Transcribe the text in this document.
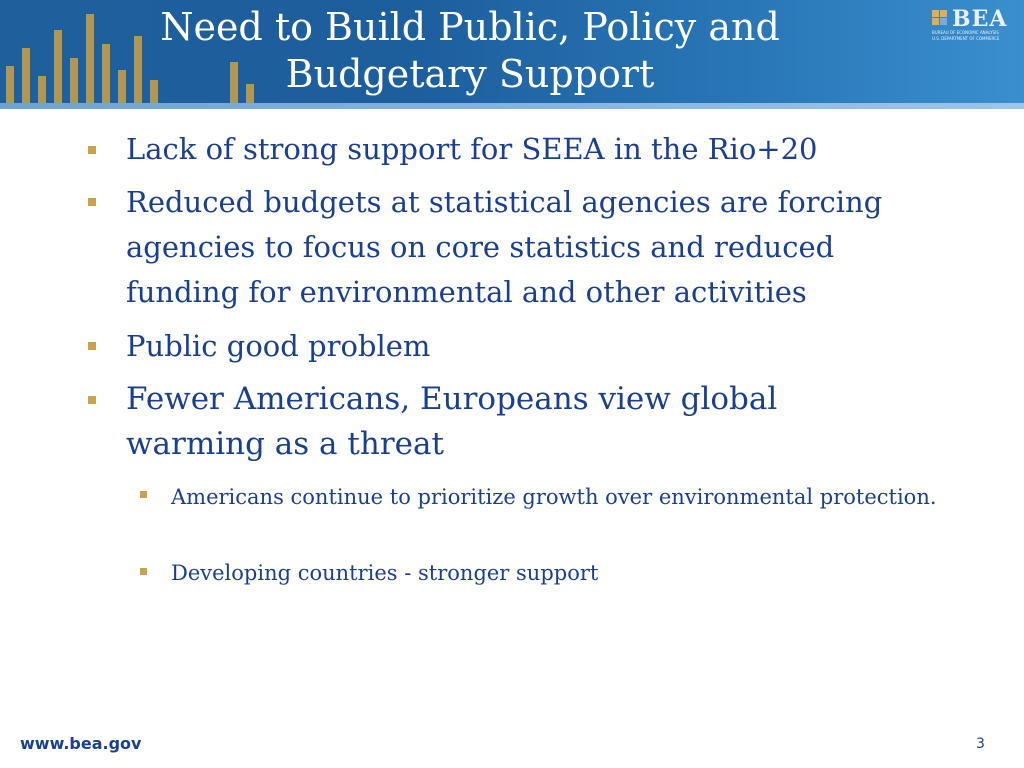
Need to Build Public, Policy and Budgetary Support
BEA
BUREAU OF ECONOMIC ANALYSIS
U.S. DEPARTMENT OF COMMERCE
Lack of strong support for SEEA in the Rio+20
Reduced budgets at statistical agencies are forcing agencies to focus on core statistics and reduced funding for environmental and other activities
Public good problem
Fewer Americans, Europeans view global warming as a threat
Americans continue to prioritize growth over environmental protection.
Developing countries - stronger support
www.bea.gov	3
